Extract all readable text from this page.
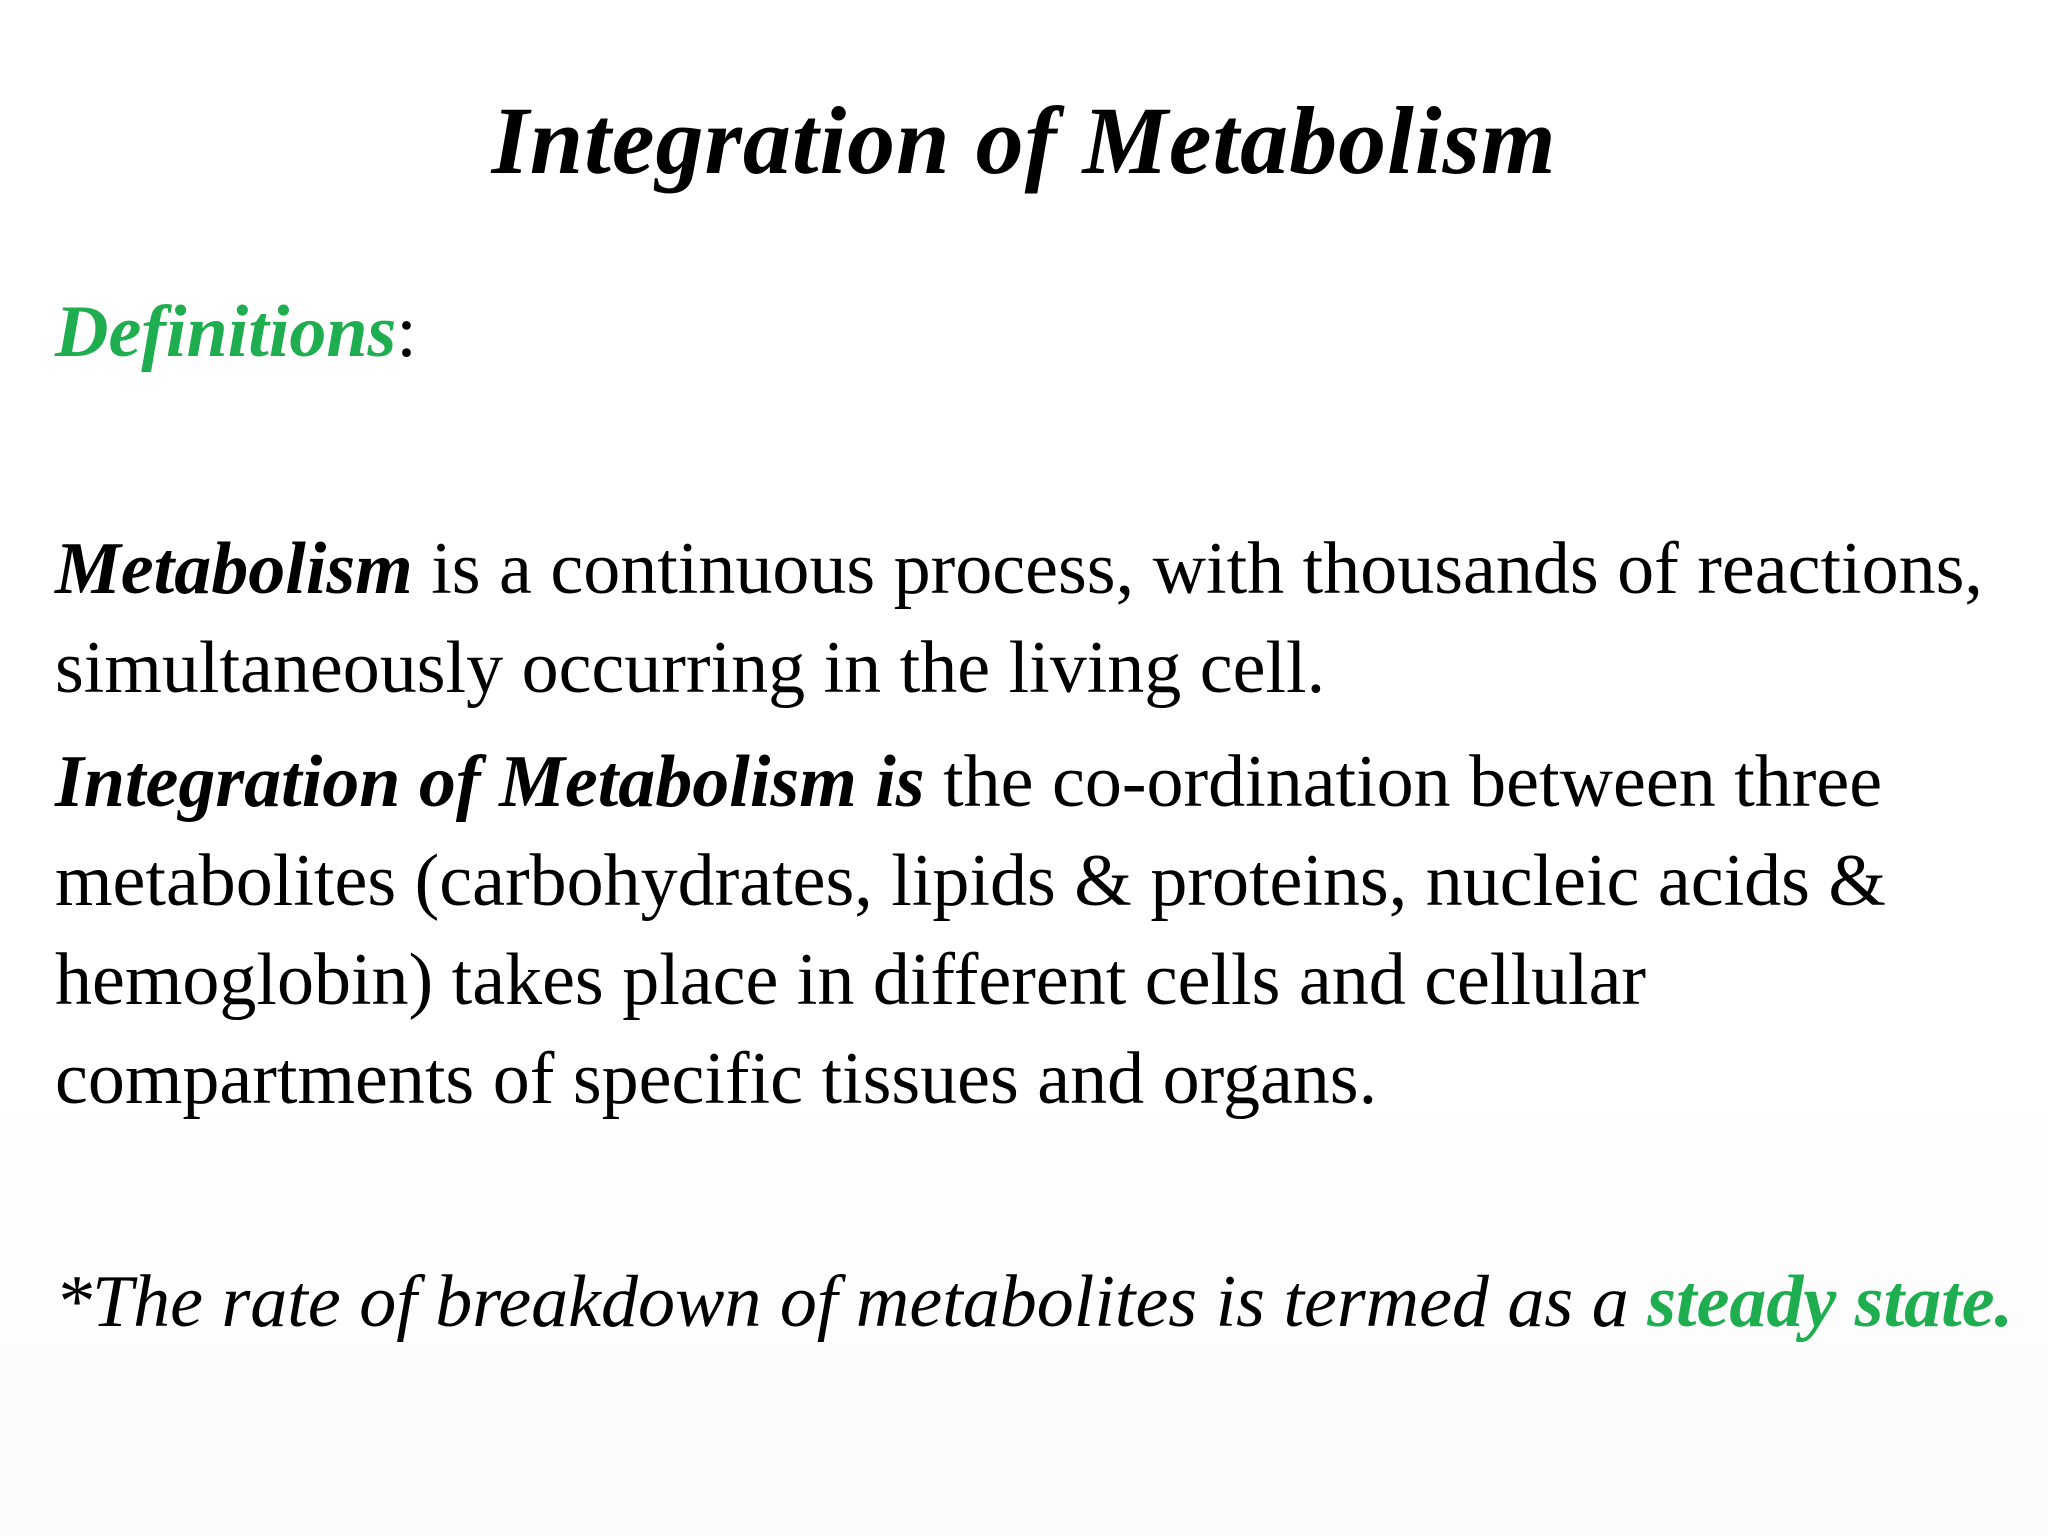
Integration of Metabolism

Definitions:

Metabolism is a continuous process, with thousands of reactions, simultaneously occurring in the living cell.

Integration of Metabolism is the co-ordination between three metabolites (carbohydrates, lipids & proteins, nucleic acids & hemoglobin) takes place in different cells and cellular compartments of specific tissues and organs.

*The rate of breakdown of metabolites is termed as a steady state.
